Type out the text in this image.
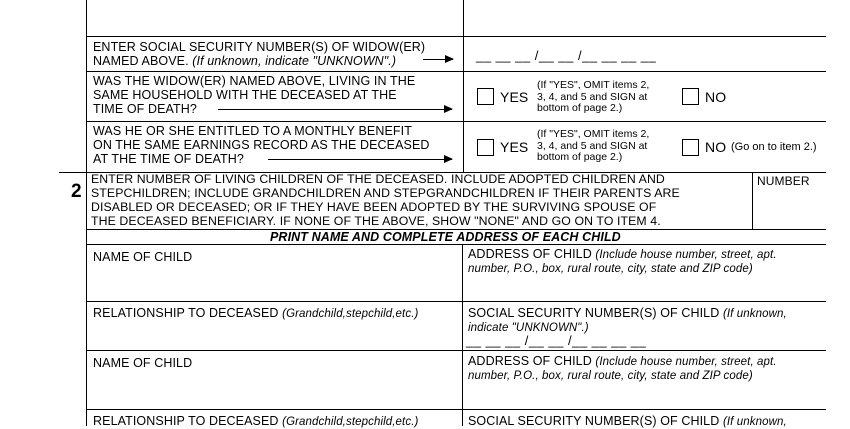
ENTER SOCIAL SECURITY NUMBER(S) OF WIDOW(ER)
NAMED ABOVE. (If unknown, indicate "UNKNOWN".)	__ __ __ /__ __ /__ __ __ __
WAS THE WIDOW(ER) NAMED ABOVE, LIVING IN THE
SAME HOUSEHOLD WITH THE DECEASED AT THE
TIME OF DEATH?
YES
(If "YES", OMIT items 2,
3, 4, and 5 and SIGN at
bottom of page 2.)
NO
WAS HE OR SHE ENTITLED TO A MONTHLY BENEFIT
ON THE SAME EARNINGS RECORD AS THE DECEASED
AT THE TIME OF DEATH?
YES
(If "YES", OMIT items 2,
3, 4, and 5 and SIGN at
bottom of page 2.)
NO (Go on to item 2.)
2
ENTER NUMBER OF LIVING CHILDREN OF THE DECEASED. INCLUDE ADOPTED CHILDREN AND
STEPCHILDREN; INCLUDE GRANDCHILDREN AND STEPGRANDCHILDREN IF THEIR PARENTS ARE
DISABLED OR DECEASED; OR IF THEY HAVE BEEN ADOPTED BY THE SURVIVING SPOUSE OF
THE DECEASED BENEFICIARY. IF NONE OF THE ABOVE, SHOW "NONE" AND GO ON TO ITEM 4.
NUMBER
PRINT NAME AND COMPLETE ADDRESS OF EACH CHILD
NAME OF CHILD	ADDRESS OF CHILD (Include house number, street, apt.
number, P.O., box, rural route, city, state and ZIP code)
RELATIONSHIP TO DECEASED (Grandchild,stepchild,etc.)	SOCIAL SECURITY NUMBER(S) OF CHILD (If unknown,
indicate "UNKNOWN".)
__ __ __ /__ __ /__ __ __ __
NAME OF CHILD	ADDRESS OF CHILD (Include house number, street, apt.
number, P.O., box, rural route, city, state and ZIP code)
RELATIONSHIP TO DECEASED (Grandchild,stepchild,etc.)	SOCIAL SECURITY NUMBER(S) OF CHILD (If unknown,
